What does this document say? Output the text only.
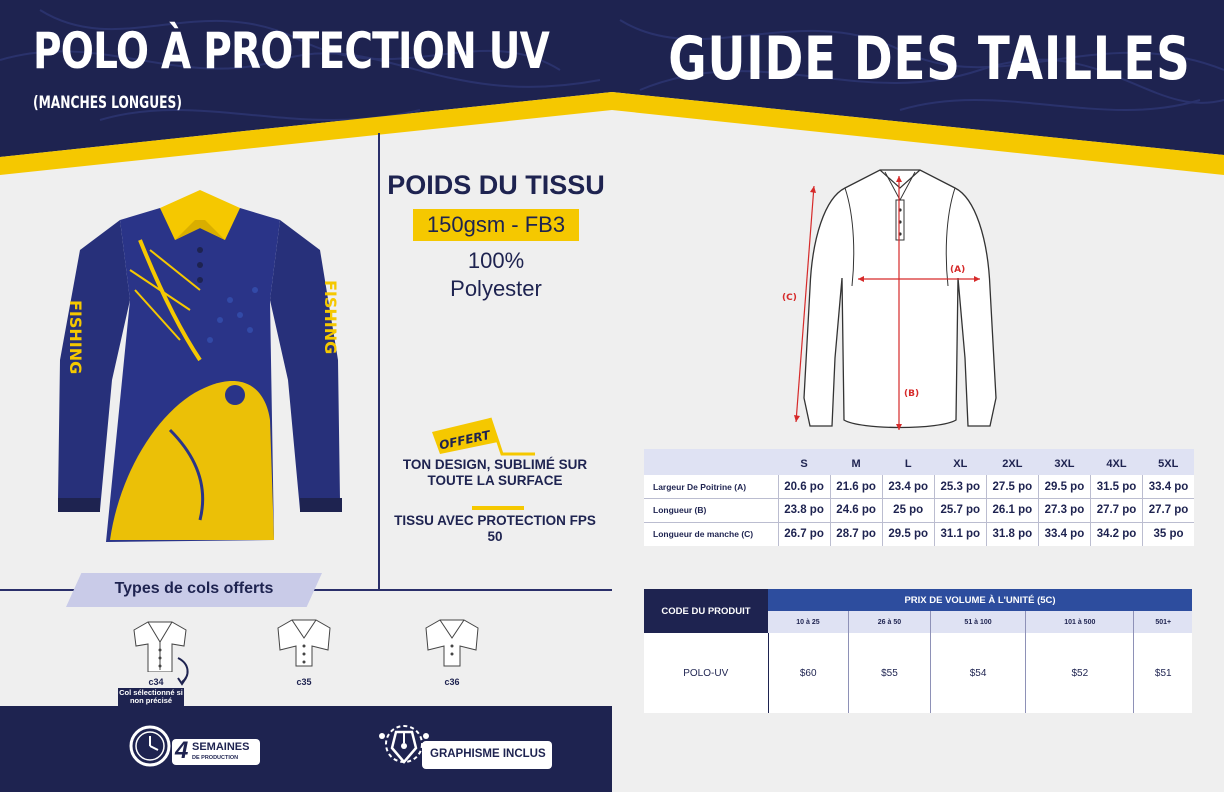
POLO À PROTECTION UV
(MANCHES LONGUES)
GUIDE DES TAILLES
FISHING	FISHING
POIDS DU TISSU
150gsm - FB3
100%
Polyester
OFFERT
TON DESIGN, SUBLIMÉ SUR TOUTE LA SURFACE
TISSU AVEC PROTECTION FPS 50
Types de cols offerts
c34	c35	c36
Col sélectionné si non précisé
4 SEMAINES
DE PRODUCTION	GRAPHISME INCLUS
(A)
(B)
(C)
	S	M	L	XL	2XL	3XL	4XL	5XL
Largeur De Poitrine (A)	20.6 po	21.6 po	23.4 po	25.3 po	27.5 po	29.5 po	31.5 po	33.4 po
Longueur (B)	23.8 po	24.6 po	25 po	25.7 po	26.1 po	27.3 po	27.7 po	27.7 po
Longueur de manche (C)	26.7 po	28.7 po	29.5 po	31.1 po	31.8 po	33.4 po	34.2 po	35 po
CODE DU PRODUIT	PRIX DE VOLUME À L'UNITÉ (5C)				
	10 à 25	26 à 50	51 à 100	101 à 500	501+
POLO-UV	$60	$55	$54	$52	$51
